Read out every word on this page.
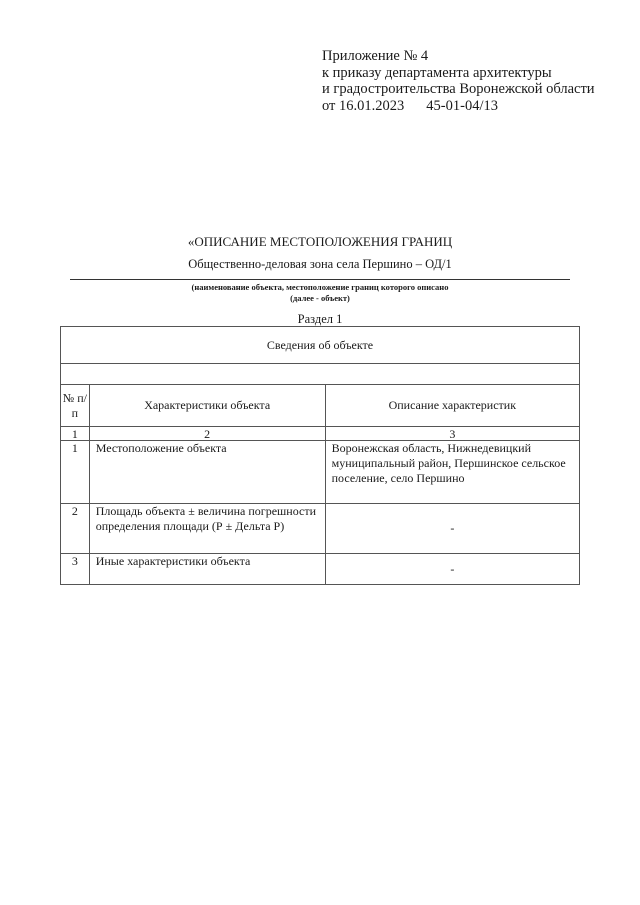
Приложение № 4
к приказу департамента архитектуры
и градостроительства Воронежской области
от 16.01.2023 45-01-04/13
«ОПИСАНИЕ МЕСТОПОЛОЖЕНИЯ ГРАНИЦ
Общественно-деловая зона села Першино – ОД/1
(наименование объекта, местоположение границ которого описано
(далее - объект)
Раздел 1
Сведения об объекте		

№ п/п	Характеристики объекта	Описание характеристик
1	2	3
1	Местоположение объекта	Воронежская область, Нижнедевицкий муниципальный район, Першинское сельское поселение, село Першино
2	Площадь объекта ± величина погрешности определения площади (Р ± Дельта Р)	-
3	Иные характеристики объекта	-
